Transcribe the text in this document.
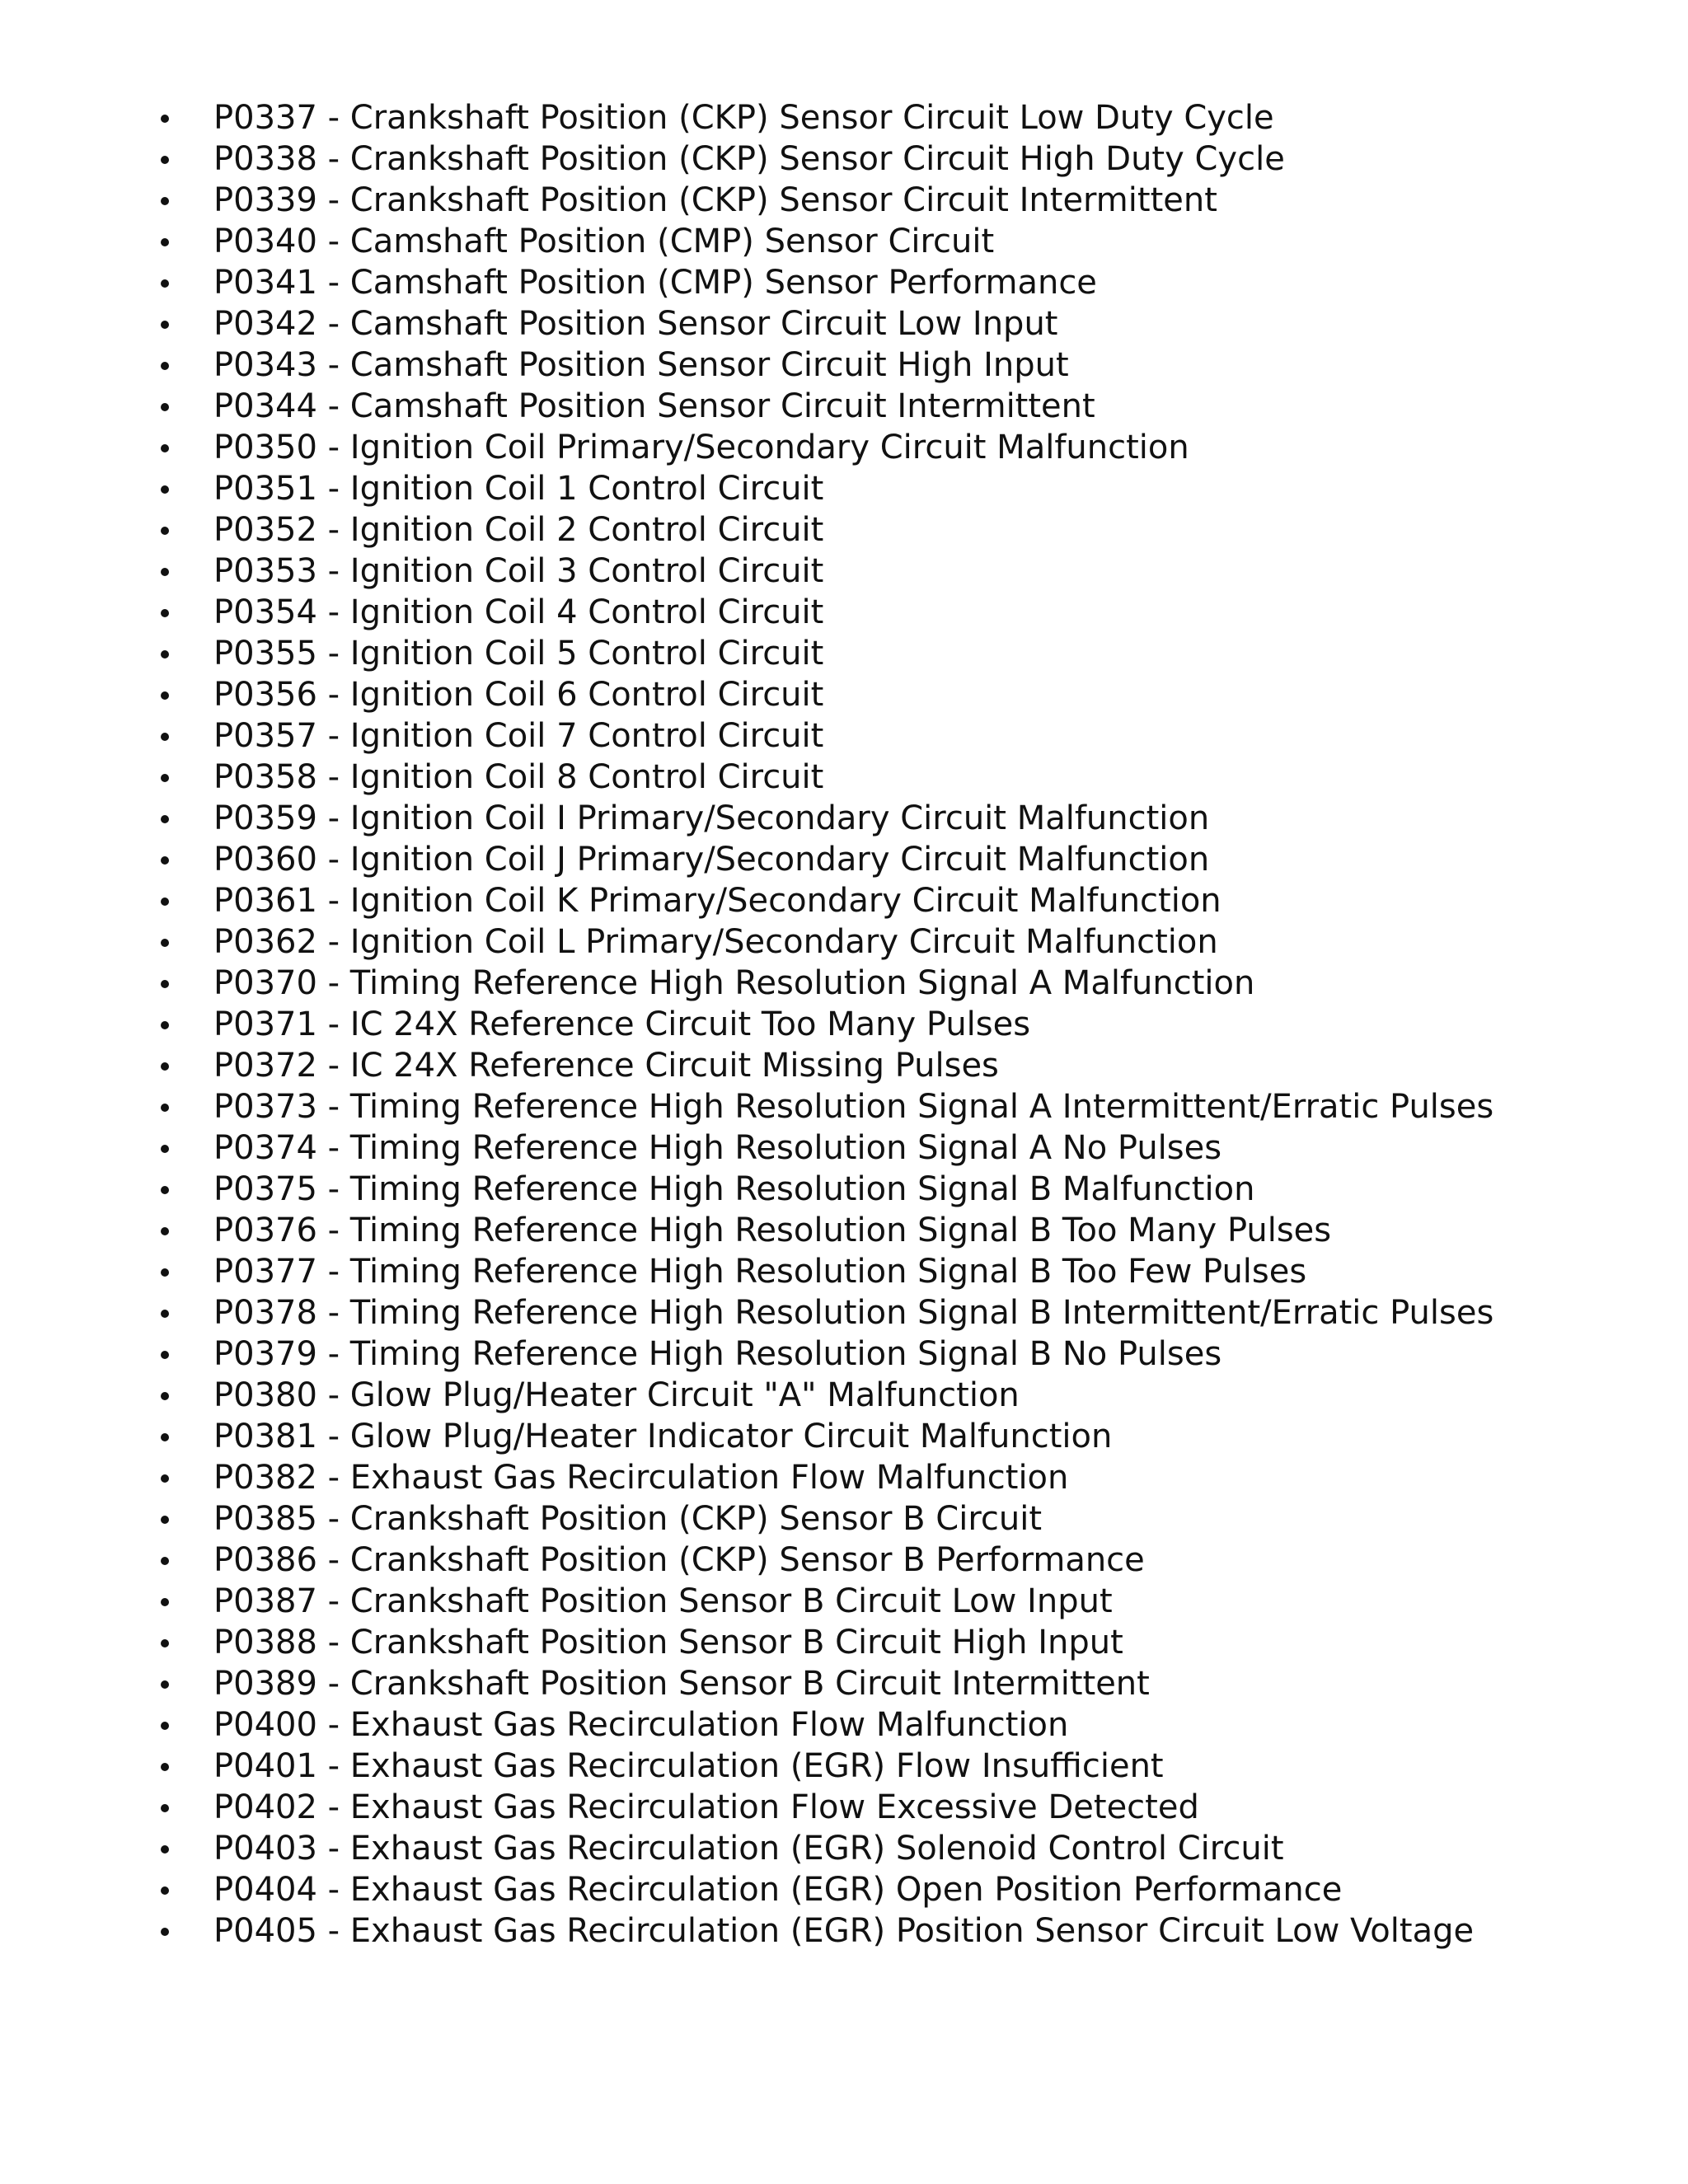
P0337 - Crankshaft Position (CKP) Sensor Circuit Low Duty Cycle
P0338 - Crankshaft Position (CKP) Sensor Circuit High Duty Cycle
P0339 - Crankshaft Position (CKP) Sensor Circuit Intermittent
P0340 - Camshaft Position (CMP) Sensor Circuit
P0341 - Camshaft Position (CMP) Sensor Performance
P0342 - Camshaft Position Sensor Circuit Low Input
P0343 - Camshaft Position Sensor Circuit High Input
P0344 - Camshaft Position Sensor Circuit Intermittent
P0350 - Ignition Coil Primary/Secondary Circuit Malfunction
P0351 - Ignition Coil 1 Control Circuit
P0352 - Ignition Coil 2 Control Circuit
P0353 - Ignition Coil 3 Control Circuit
P0354 - Ignition Coil 4 Control Circuit
P0355 - Ignition Coil 5 Control Circuit
P0356 - Ignition Coil 6 Control Circuit
P0357 - Ignition Coil 7 Control Circuit
P0358 - Ignition Coil 8 Control Circuit
P0359 - Ignition Coil I Primary/Secondary Circuit Malfunction
P0360 - Ignition Coil J Primary/Secondary Circuit Malfunction
P0361 - Ignition Coil K Primary/Secondary Circuit Malfunction
P0362 - Ignition Coil L Primary/Secondary Circuit Malfunction
P0370 - Timing Reference High Resolution Signal A Malfunction
P0371 - IC 24X Reference Circuit Too Many Pulses
P0372 - IC 24X Reference Circuit Missing Pulses
P0373 - Timing Reference High Resolution Signal A Intermittent/Erratic Pulses
P0374 - Timing Reference High Resolution Signal A No Pulses
P0375 - Timing Reference High Resolution Signal B Malfunction
P0376 - Timing Reference High Resolution Signal B Too Many Pulses
P0377 - Timing Reference High Resolution Signal B Too Few Pulses
P0378 - Timing Reference High Resolution Signal B Intermittent/Erratic Pulses
P0379 - Timing Reference High Resolution Signal B No Pulses
P0380 - Glow Plug/Heater Circuit "A" Malfunction
P0381 - Glow Plug/Heater Indicator Circuit Malfunction
P0382 - Exhaust Gas Recirculation Flow Malfunction
P0385 - Crankshaft Position (CKP) Sensor B Circuit
P0386 - Crankshaft Position (CKP) Sensor B Performance
P0387 - Crankshaft Position Sensor B Circuit Low Input
P0388 - Crankshaft Position Sensor B Circuit High Input
P0389 - Crankshaft Position Sensor B Circuit Intermittent
P0400 - Exhaust Gas Recirculation Flow Malfunction
P0401 - Exhaust Gas Recirculation (EGR) Flow Insufficient
P0402 - Exhaust Gas Recirculation Flow Excessive Detected
P0403 - Exhaust Gas Recirculation (EGR) Solenoid Control Circuit
P0404 - Exhaust Gas Recirculation (EGR) Open Position Performance
P0405 - Exhaust Gas Recirculation (EGR) Position Sensor Circuit Low Voltage
